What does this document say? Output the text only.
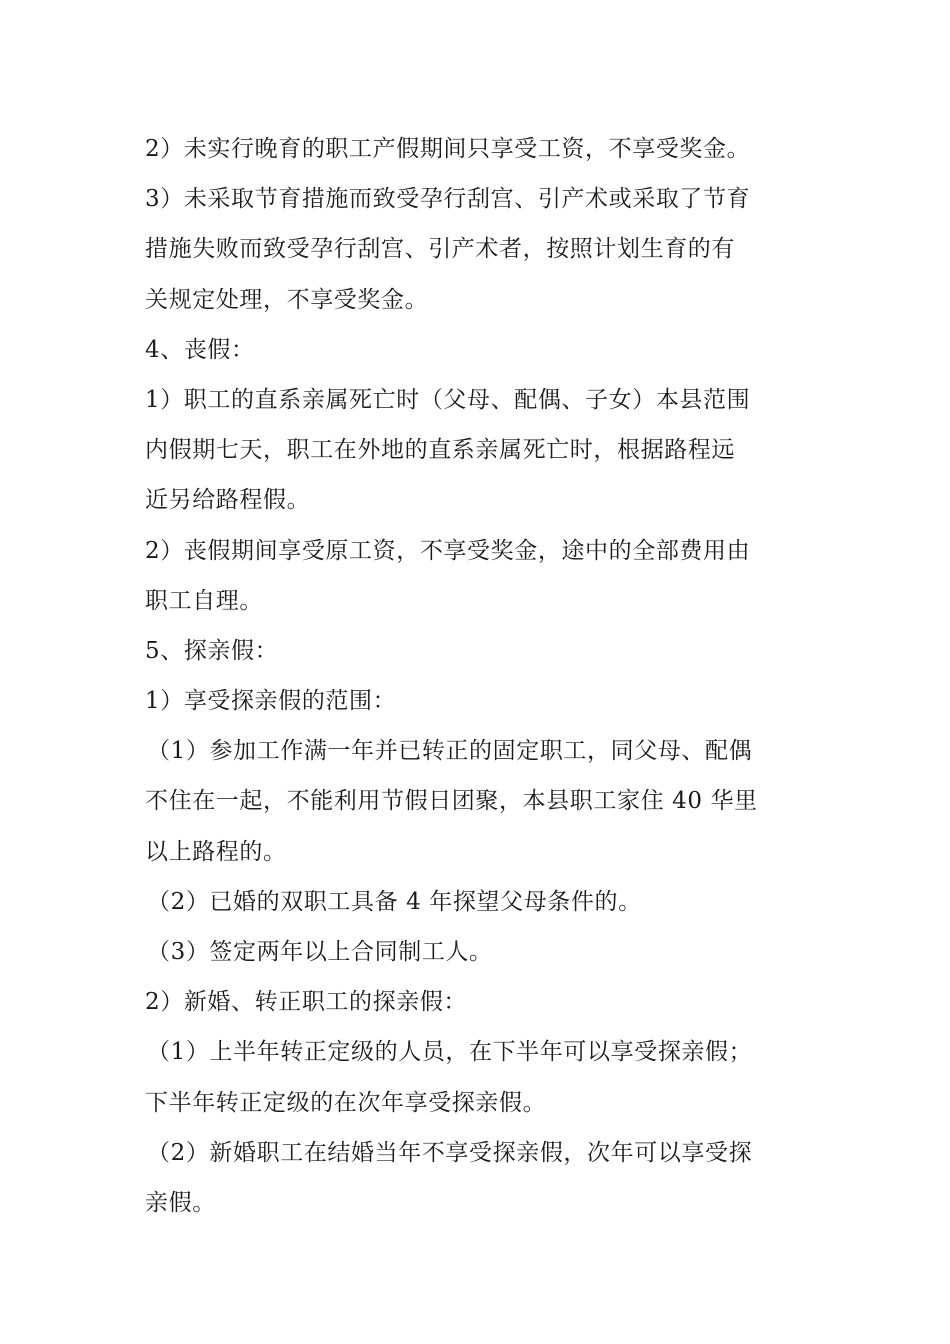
2）未实行晚育的职工产假期间只享受工资，不享受奖金。
3）未采取节育措施而致受孕行刮宫、引产术或采取了节育
措施失败而致受孕行刮宫、引产术者，按照计划生育的有
关规定处理，不享受奖金。
4、丧假：
1）职工的直系亲属死亡时（父母、配偶、子女）本县范围
内假期七天，职工在外地的直系亲属死亡时，根据路程远
近另给路程假。
2）丧假期间享受原工资，不享受奖金，途中的全部费用由
职工自理。
5、探亲假：
1）享受探亲假的范围：
（1）参加工作满一年并已转正的固定职工，同父母、配偶
不住在一起，不能利用节假日团聚，本县职工家住 40 华里
以上路程的。
（2）已婚的双职工具备 4 年探望父母条件的。
（3）签定两年以上合同制工人。
2）新婚、转正职工的探亲假：
（1）上半年转正定级的人员，在下半年可以享受探亲假；
下半年转正定级的在次年享受探亲假。
（2）新婚职工在结婚当年不享受探亲假，次年可以享受探
亲假。
